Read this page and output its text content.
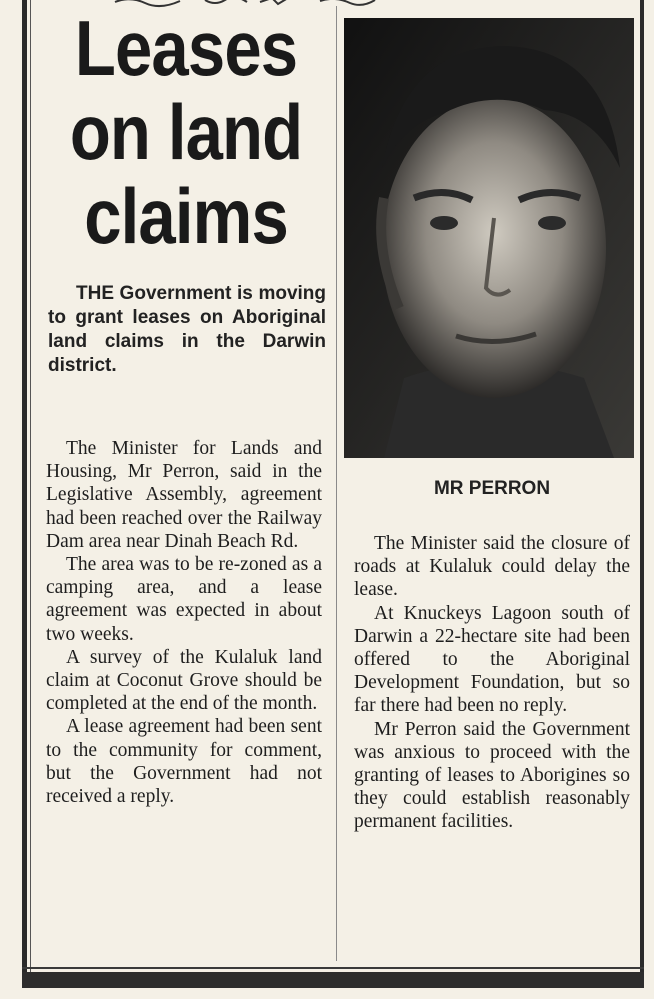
Leases on land claims
THE Government is moving to grant leases on Aboriginal land claims in the Darwin district.

The Minister for Lands and Housing, Mr Perron, said in the Legislative Assembly, agreement had been reached over the Railway Dam area near Dinah Beach Rd.

The area was to be re-zoned as a camping area, and a lease agreement was expected in about two weeks.

A survey of the Kulaluk land claim at Coconut Grove should be completed at the end of the month.

A lease agreement had been sent to the community for comment, but the Government had not received a reply.

MR PERRON

The Minister said the closure of roads at Kulaluk could delay the lease.

At Knuckeys Lagoon south of Darwin a 22-hectare site had been offered to the Aboriginal Development Foundation, but so far there had been no reply.

Mr Perron said the Government was anxious to proceed with the granting of leases to Aborigines so they could establish reasonably permanent facilities.
